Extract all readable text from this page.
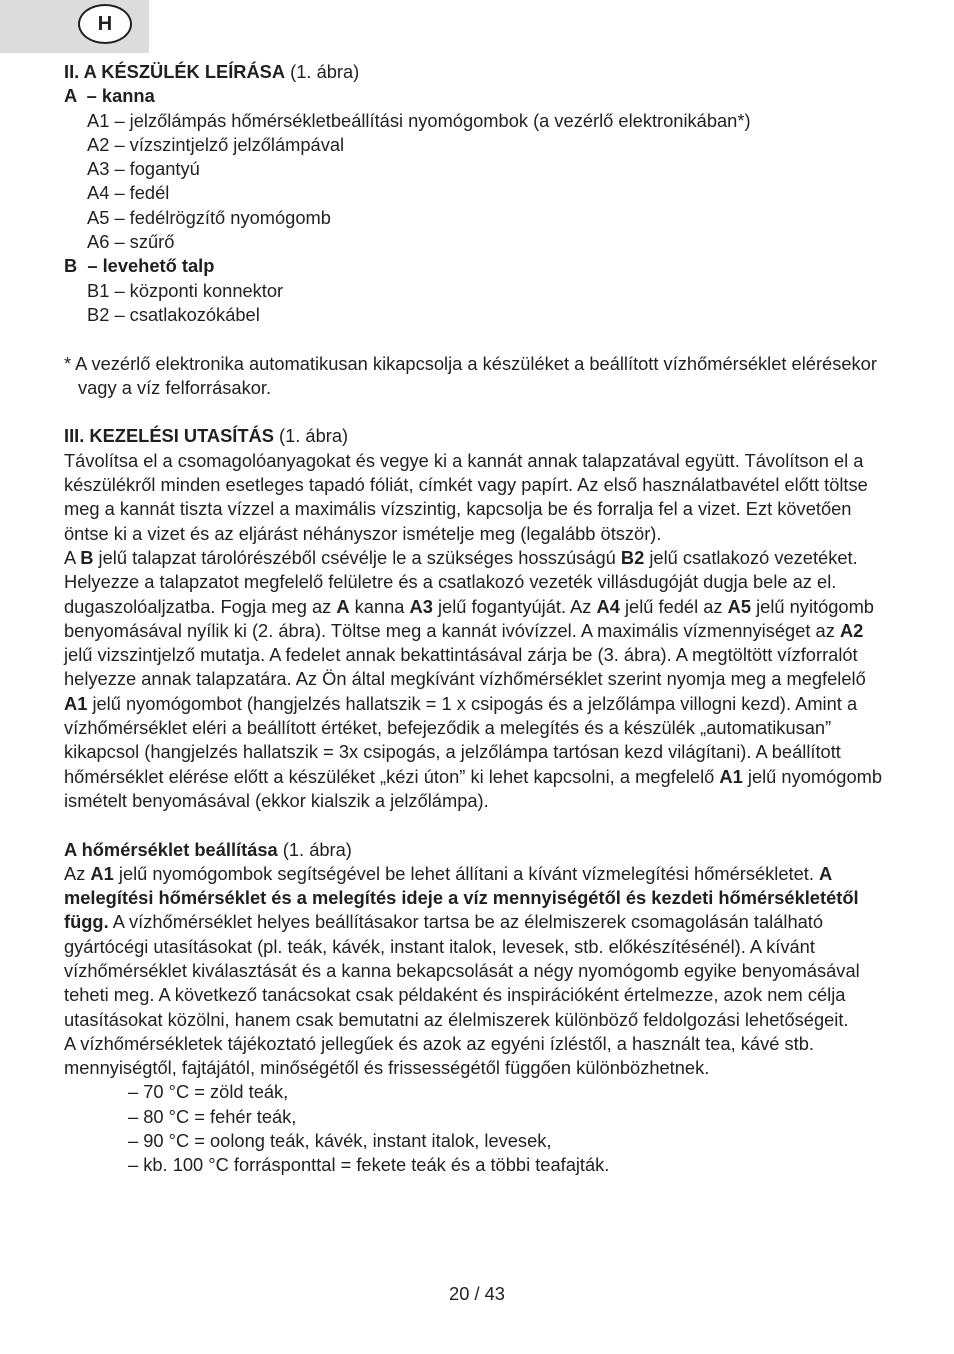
H

II. A KÉSZÜLÉK LEÍRÁSA (1. ábra)

A  – kanna

A1 – jelzőlámpás hőmérsékletbeállítási nyomógombok (a vezérlő elektronikában*)

A2 – vízszintjelző jelzőlámpával

A3 – fogantyú

A4 – fedél

A5 – fedélrögzítő nyomógomb

A6 – szűrő

B  – levehető talp

B1 – központi konnektor

B2 – csatlakozókábel

* A vezérlő elektronika automatikusan kikapcsolja a készüléket a beállított vízhőmérséklet elérésekor vagy a víz felforrásakor.

III. KEZELÉSI UTASÍTÁS (1. ábra)

Távolítsa el a csomagolóanyagokat és vegye ki a kannát annak talapzatával együtt. Távolítson el a készülékről minden esetleges tapadó fóliát, címkét vagy papírt. Az első használatbavétel előtt töltse meg a kannát tiszta vízzel a maximális vízszintig, kapcsolja be és forralja fel a vizet. Ezt követően öntse ki a vizet és az eljárást néhányszor ismételje meg (legalább ötször).

A B jelű talapzat tárolórészéből csévélje le a szükséges hosszúságú B2 jelű csatlakozó vezetéket. Helyezze a talapzatot megfelelő felületre és a csatlakozó vezeték villásdugóját dugja bele az el. dugaszolóaljzatba. Fogja meg az A kanna A3 jelű fogantyúját. Az A4 jelű fedél az A5 jelű nyitógomb benyomásával nyílik ki (2. ábra). Töltse meg a kannát ivóvízzel. A maximális vízmennyiséget az A2 jelű vizszintjelző mutatja. A fedelet annak bekattintásával zárja be (3. ábra). A megtöltött vízforralót helyezze annak talapzatára. Az Ön által megkívánt vízhőmérséklet szerint nyomja meg a megfelelő A1 jelű nyomógombot (hangjelzés hallatszik = 1 x csipogás és a jelzőlámpa villogni kezd). Amint a vízhőmérséklet eléri a beállított értéket, befejeződik a melegítés és a készülék „automatikusan” kikapcsol (hangjelzés hallatszik = 3x csipogás, a jelzőlámpa tartósan kezd világítani). A beállított hőmérséklet elérése előtt a készüléket „kézi úton” ki lehet kapcsolni, a megfelelő A1 jelű nyomógomb ismételt benyomásával (ekkor kialszik a jelzőlámpa).

A hőmérséklet beállítása (1. ábra)

Az A1 jelű nyomógombok segítségével be lehet állítani a kívánt vízmelegítési hőmérsékletet. A melegítési hőmérséklet és a melegítés ideje a víz mennyiségétől és kezdeti hőmérsékletétől függ. A vízhőmérséklet helyes beállításakor tartsa be az élelmiszerek csomagolásán található gyártócégi utasításokat (pl. teák, kávék, instant italok, levesek, stb. előkészítésénél). A kívánt vízhőmérséklet kiválasztását és a kanna bekapcsolását a négy nyomógomb egyike benyomásával teheti meg. A következő tanácsokat csak példaként és inspirációként értelmezze, azok nem célja utasításokat közölni, hanem csak bemutatni az élelmiszerek különböző feldolgozási lehetőségeit.

A vízhőmérsékletek tájékoztató jellegűek és azok az egyéni ízléstől, a használt tea, kávé stb. mennyiségtől, fajtájától, minőségétől és frissességétől függően különbözhetnek.

– 70 °C = zöld teák,

– 80 °C = fehér teák,

– 90 °C = oolong teák, kávék, instant italok, levesek,

– kb. 100 °C forrásponttal = fekete teák és a többi teafajták.

20 / 43
